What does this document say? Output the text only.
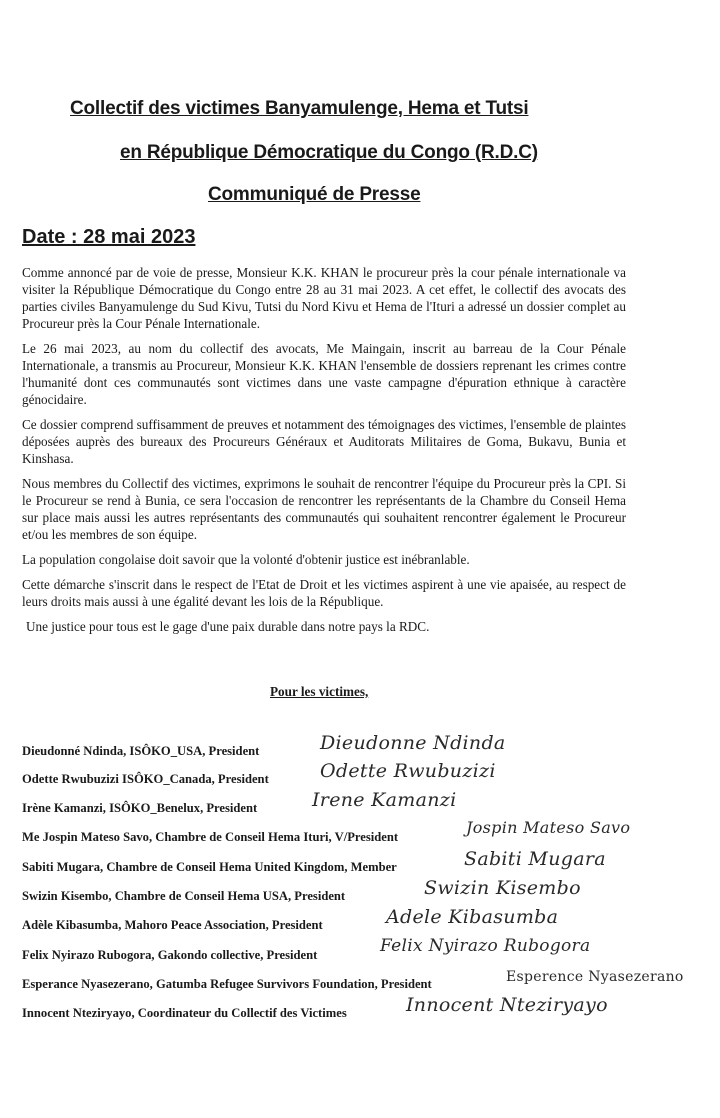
Collectif des victimes Banyamulenge, Hema et Tutsi
en République Démocratique du Congo (R.D.C)
Communiqué de Presse
Date : 28 mai 2023

Comme annoncé par de voie de presse, Monsieur K.K. KHAN le procureur près la cour pénale internationale va visiter la République Démocratique du Congo entre 28 au 31 mai 2023. A cet effet, le collectif des avocats des parties civiles Banyamulenge du Sud Kivu, Tutsi du Nord Kivu et Hema de l'Ituri a adressé un dossier complet au Procureur près la Cour Pénale Internationale.

Le 26 mai 2023, au nom du collectif des avocats, Me Maingain, inscrit au barreau de la Cour Pénale Internationale, a transmis au Procureur, Monsieur K.K. KHAN l'ensemble de dossiers reprenant les crimes contre l'humanité dont ces communautés sont victimes dans une vaste campagne d'épuration ethnique à caractère génocidaire.

Ce dossier comprend suffisamment de preuves et notamment des témoignages des victimes, l'ensemble de plaintes déposées auprès des bureaux des Procureurs Généraux et Auditorats Militaires de Goma, Bukavu, Bunia et Kinshasa.

Nous membres du Collectif des victimes, exprimons le souhait de rencontrer l'équipe du Procureur près la CPI. Si le Procureur se rend à Bunia, ce sera l'occasion de rencontrer les représentants de la Chambre du Conseil Hema sur place mais aussi les autres représentants des communautés qui souhaitent rencontrer également le Procureur et/ou les membres de son équipe.

La population congolaise doit savoir que la volonté d'obtenir justice est inébranlable.

Cette démarche s'inscrit dans le respect de l'Etat de Droit et les victimes aspirent à une vie apaisée, au respect de leurs droits mais aussi à une égalité devant les lois de la République.

Une justice pour tous est le gage d'une paix durable dans notre pays la RDC.

Pour les victimes,
Dieudonné Ndinda, ISÔKO_USA, President	Dieudonne Ndinda
Odette Rwubuzizi ISÔKO_Canada, President	Odette Rwubuzizi
Irène Kamanzi, ISÔKO_Benelux, President	Irene Kamanzi
Me Jospin Mateso Savo, Chambre de Conseil Hema Ituri, V/President	Jospin Mateso Savo
Sabiti Mugara, Chambre de Conseil Hema United Kingdom, Member	Sabiti Mugara
Swizin Kisembo, Chambre de Conseil Hema USA, President	Swizin Kisembo
Adèle Kibasumba, Mahoro Peace Association, President	Adele Kibasumba
Felix Nyirazo Rubogora, Gakondo collective, President	Felix Nyirazo Rubogora
Esperance Nyasezerano, Gatumba Refugee Survivors Foundation, President	Esperence Nyasezerano
Innocent Nteziryayo, Coordinateur du Collectif des Victimes	Innocent Nteziryayo
